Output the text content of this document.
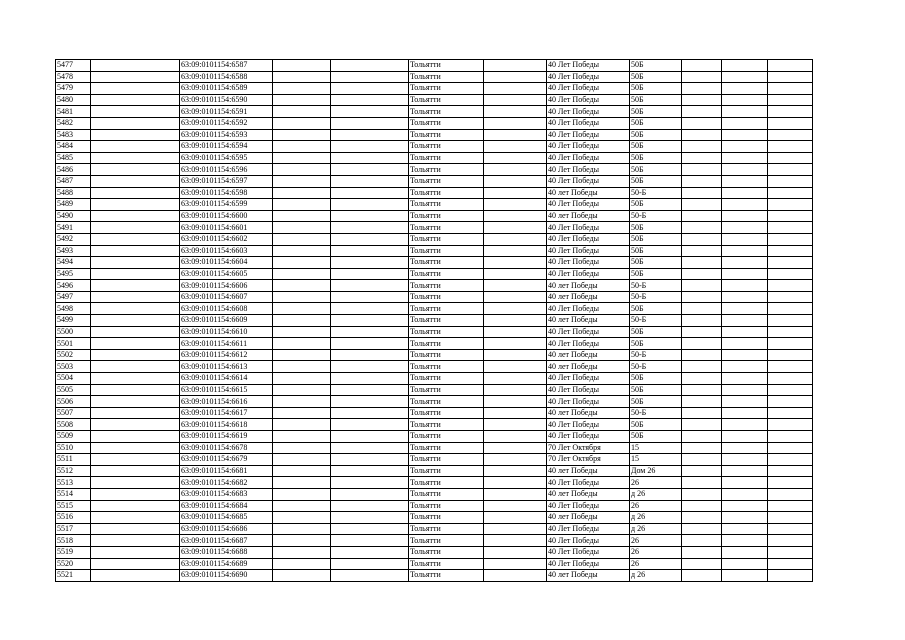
5477		63:09:0101154:6587			Тольятти		40 Лет Победы	50Б			
5478		63:09:0101154:6588			Тольятти		40 Лет Победы	50Б			
5479		63:09:0101154:6589			Тольятти		40 Лет Победы	50Б			
5480		63:09:0101154:6590			Тольятти		40 Лет Победы	50Б			
5481		63:09:0101154:6591			Тольятти		40 Лет Победы	50Б			
5482		63:09:0101154:6592			Тольятти		40 Лет Победы	50Б			
5483		63:09:0101154:6593			Тольятти		40 Лет Победы	50Б			
5484		63:09:0101154:6594			Тольятти		40 Лет Победы	50Б			
5485		63:09:0101154:6595			Тольятти		40 Лет Победы	50Б			
5486		63:09:0101154:6596			Тольятти		40 Лет Победы	50Б			
5487		63:09:0101154:6597			Тольятти		40 Лет Победы	50Б			
5488		63:09:0101154:6598			Тольятти		40 лет Победы	50-Б			
5489		63:09:0101154:6599			Тольятти		40 Лет Победы	50Б			
5490		63:09:0101154:6600			Тольятти		40 лет Победы	50-Б			
5491		63:09:0101154:6601			Тольятти		40 Лет Победы	50Б			
5492		63:09:0101154:6602			Тольятти		40 Лет Победы	50Б			
5493		63:09:0101154:6603			Тольятти		40 Лет Победы	50Б			
5494		63:09:0101154:6604			Тольятти		40 Лет Победы	50Б			
5495		63:09:0101154:6605			Тольятти		40 Лет Победы	50Б			
5496		63:09:0101154:6606			Тольятти		40 лет Победы	50-Б			
5497		63:09:0101154:6607			Тольятти		40 лет Победы	50-Б			
5498		63:09:0101154:6608			Тольятти		40 Лет Победы	50Б			
5499		63:09:0101154:6609			Тольятти		40 лет Победы	50-Б			
5500		63:09:0101154:6610			Тольятти		40 Лет Победы	50Б			
5501		63:09:0101154:6611			Тольятти		40 Лет Победы	50Б			
5502		63:09:0101154:6612			Тольятти		40 лет Победы	50-Б			
5503		63:09:0101154:6613			Тольятти		40 лет Победы	50-Б			
5504		63:09:0101154:6614			Тольятти		40 Лет Победы	50Б			
5505		63:09:0101154:6615			Тольятти		40 Лет Победы	50Б			
5506		63:09:0101154:6616			Тольятти		40 Лет Победы	50Б			
5507		63:09:0101154:6617			Тольятти		40 лет Победы	50-Б			
5508		63:09:0101154:6618			Тольятти		40 Лет Победы	50Б			
5509		63:09:0101154:6619			Тольятти		40 Лет Победы	50Б			
5510		63:09:0101154:6678			Тольятти		70 Лет Октября	15			
5511		63:09:0101154:6679			Тольятти		70 Лет Октября	15			
5512		63:09:0101154:6681			Тольятти		40 лет Победы	Дом 26			
5513		63:09:0101154:6682			Тольятти		40 Лет Победы	26			
5514		63:09:0101154:6683			Тольятти		40 лет Победы	д 26			
5515		63:09:0101154:6684			Тольятти		40 Лет Победы	26			
5516		63:09:0101154:6685			Тольятти		40 лет Победы	д 26			
5517		63:09:0101154:6686			Тольятти		40 Лет Победы	д 26			
5518		63:09:0101154:6687			Тольятти		40 Лет Победы	26			
5519		63:09:0101154:6688			Тольятти		40 Лет Победы	26			
5520		63:09:0101154:6689			Тольятти		40 Лет Победы	26			
5521		63:09:0101154:6690			Тольятти		40 лет Победы	д 26			
